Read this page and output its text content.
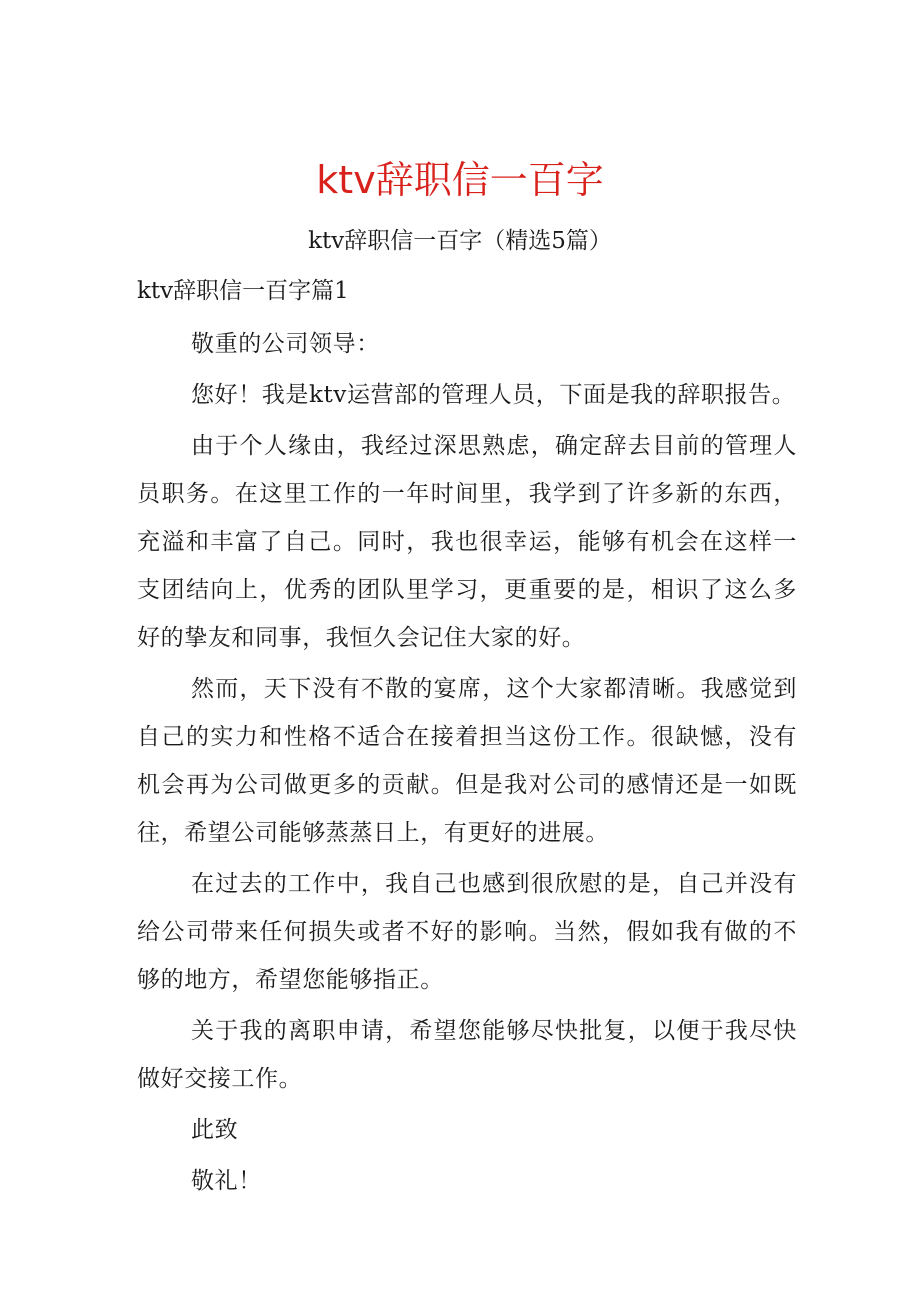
ktv辞职信一百字
ktv辞职信一百字（精选5篇）
ktv辞职信一百字篇1

敬重的公司领导：

您好！我是ktv运营部的管理人员，下面是我的辞职报告。

由于个人缘由，我经过深思熟虑，确定辞去目前的管理人员职务。在这里工作的一年时间里，我学到了许多新的东西，充溢和丰富了自己。同时，我也很幸运，能够有机会在这样一支团结向上，优秀的团队里学习，更重要的是，相识了这么多好的挚友和同事，我恒久会记住大家的好。

然而，天下没有不散的宴席，这个大家都清晰。我感觉到自己的实力和性格不适合在接着担当这份工作。很缺憾，没有机会再为公司做更多的贡献。但是我对公司的感情还是一如既往，希望公司能够蒸蒸日上，有更好的进展。

在过去的工作中，我自己也感到很欣慰的是，自己并没有给公司带来任何损失或者不好的影响。当然，假如我有做的不够的地方，希望您能够指正。

关于我的离职申请，希望您能够尽快批复，以便于我尽快做好交接工作。

此致

敬礼！
